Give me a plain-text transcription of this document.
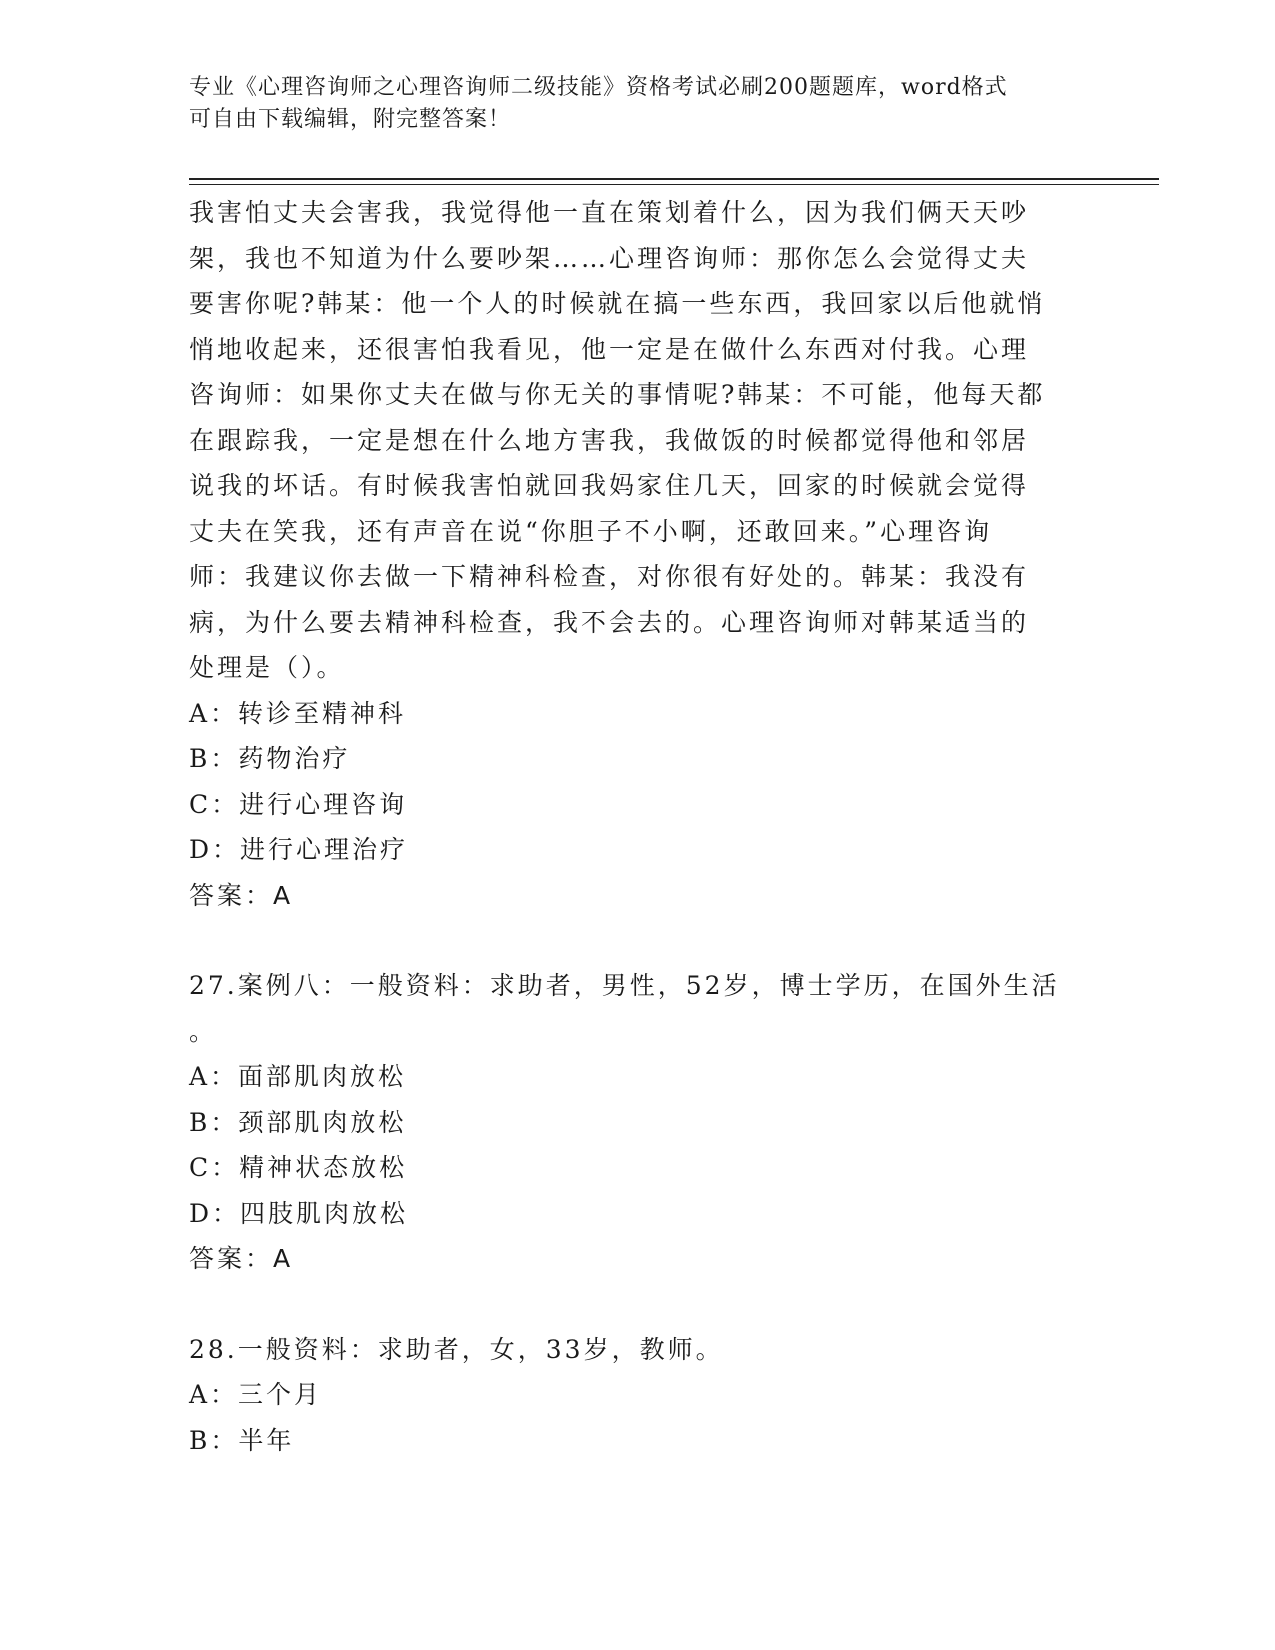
专业《心理咨询师之心理咨询师二级技能》资格考试必刷200题题库，word格式
可自由下载编辑，附完整答案！

我害怕丈夫会害我，我觉得他一直在策划着什么，因为我们俩天天吵

架，我也不知道为什么要吵架……心理咨询师：那你怎么会觉得丈夫

要害你呢?韩某：他一个人的时候就在搞一些东西，我回家以后他就悄

悄地收起来，还很害怕我看见，他一定是在做什么东西对付我。心理

咨询师：如果你丈夫在做与你无关的事情呢?韩某：不可能，他每天都

在跟踪我，一定是想在什么地方害我，我做饭的时候都觉得他和邻居

说我的坏话。有时候我害怕就回我妈家住几天，回家的时候就会觉得

丈夫在笑我，还有声音在说“你胆子不小啊，还敢回来。”心理咨询

师：我建议你去做一下精神科检查，对你很有好处的。韩某：我没有

病，为什么要去精神科检查，我不会去的。心理咨询师对韩某适当的

处理是（）。

A：转诊至精神科

B：药物治疗

C：进行心理咨询

D：进行心理治疗

答案：A

27.案例八：一般资料：求助者，男性，52岁，博士学历，在国外生活

。

A：面部肌肉放松

B：颈部肌肉放松

C：精神状态放松

D：四肢肌肉放松

答案：A

28.一般资料：求助者，女，33岁，教师。

A：三个月

B：半年
